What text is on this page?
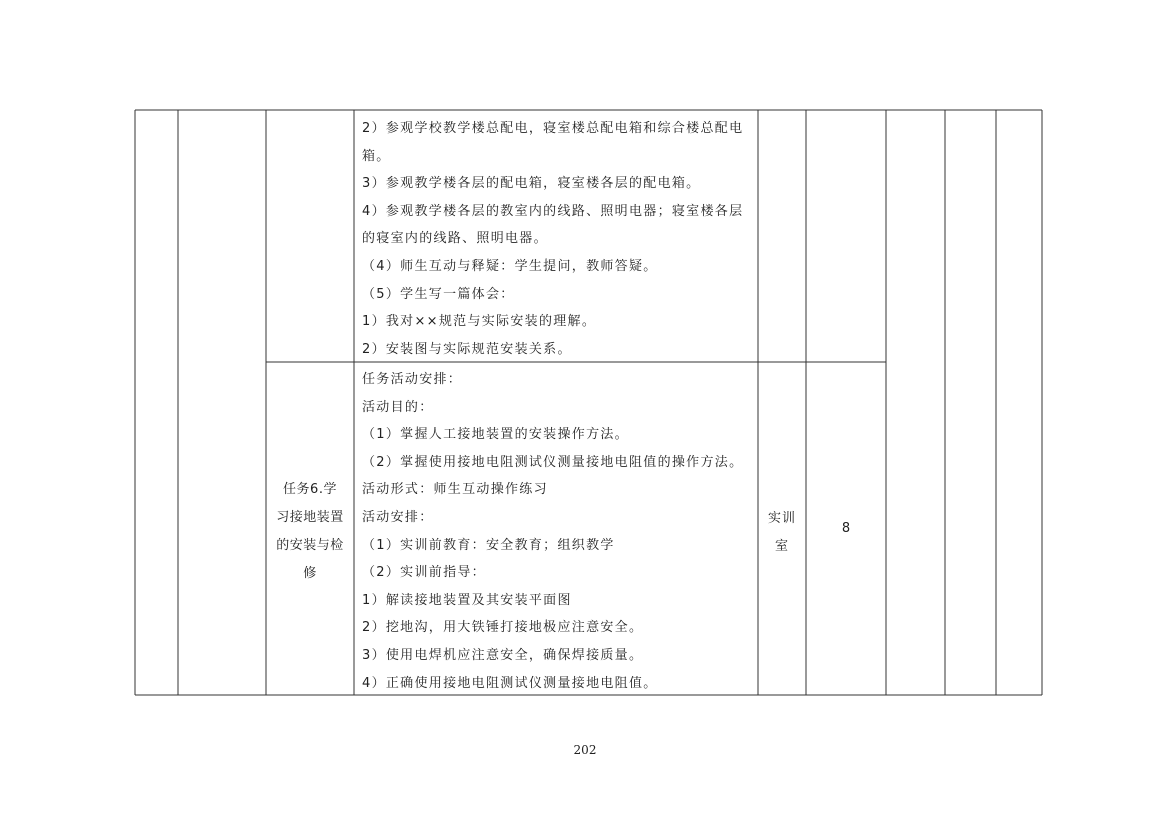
2）参观学校教学楼总配电，寝室楼总配电箱和综合楼总配电
箱。
3）参观教学楼各层的配电箱，寝室楼各层的配电箱。
4）参观教学楼各层的教室内的线路、照明电器；寝室楼各层
的寝室内的线路、照明电器。
（4）师生互动与释疑：学生提问，教师答疑。
（5）学生写一篇体会：
1）我对××规范与实际安装的理解。
2）安装图与实际规范安装关系。
任务6.学
习接地装置
的安装与检
修
任务活动安排：
活动目的：
（1）掌握人工接地装置的安装操作方法。
（2）掌握使用接地电阻测试仪测量接地电阻值的操作方法。
活动形式：师生互动操作练习
活动安排：
（1）实训前教育：安全教育；组织教学
（2）实训前指导：
1）解读接地装置及其安装平面图
2）挖地沟，用大铁锤打接地极应注意安全。
3）使用电焊机应注意安全，确保焊接质量。
4）正确使用接地电阻测试仪测量接地电阻值。
实训
室
8
202
